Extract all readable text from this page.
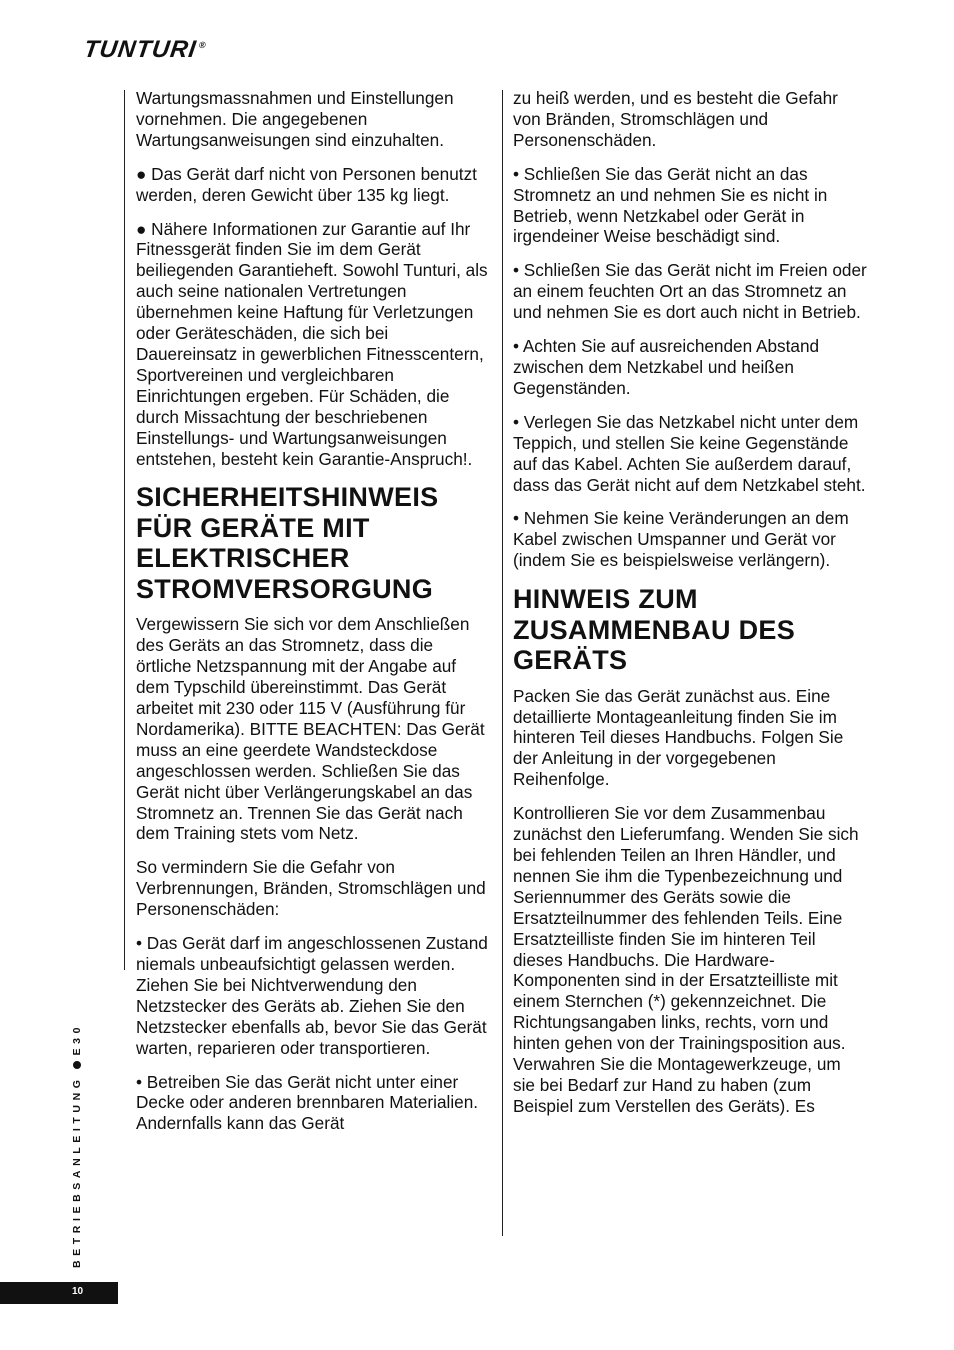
TUNTURI®

Wartungsmassnahmen und Einstellungen vornehmen. Die angegebenen Wartungsanweisungen sind einzuhalten.

● Das Gerät darf nicht von Personen benutzt werden, deren Gewicht über 135 kg liegt.

● Nähere Informationen zur Garantie auf Ihr Fitnessgerät finden Sie im dem Gerät beiliegenden Garantieheft. Sowohl Tunturi, als auch seine nationalen Vertretungen übernehmen keine Haftung für Verletzungen oder Geräteschäden, die sich bei Dauereinsatz in gewerblichen Fitnesscentern, Sportvereinen und vergleichbaren Einrichtungen ergeben. Für Schäden, die durch Missachtung der beschriebenen Einstellungs- und Wartungsanweisungen entstehen, besteht kein Garantie-Anspruch!.

SICHERHEITSHINWEIS FÜR GERÄTE MIT ELEKTRISCHER STROMVERSORGUNG

Vergewissern Sie sich vor dem Anschließen des Geräts an das Stromnetz, dass die örtliche Netzspannung mit der Angabe auf dem Typschild übereinstimmt. Das Gerät arbeitet mit 230 oder 115 V (Ausführung für Nordamerika). BITTE BEACHTEN: Das Gerät muss an eine geerdete Wandsteckdose angeschlossen werden. Schließen Sie das Gerät nicht über Verlängerungskabel an das Stromnetz an. Trennen Sie das Gerät nach dem Training stets vom Netz.

So vermindern Sie die Gefahr von Verbrennungen, Bränden, Stromschlägen und Personenschäden:

• Das Gerät darf im angeschlossenen Zustand niemals unbeaufsichtigt gelassen werden. Ziehen Sie bei Nichtverwendung den Netzstecker des Geräts ab. Ziehen Sie den Netzstecker ebenfalls ab, bevor Sie das Gerät warten, reparieren oder transportieren.

• Betreiben Sie das Gerät nicht unter einer Decke oder anderen brennbaren Materialien. Andernfalls kann das Gerät

zu heiß werden, und es besteht die Gefahr von Bränden, Stromschlägen und Personenschäden.

• Schließen Sie das Gerät nicht an das Stromnetz an und nehmen Sie es nicht in Betrieb, wenn Netzkabel oder Gerät in irgendeiner Weise beschädigt sind.

• Schließen Sie das Gerät nicht im Freien oder an einem feuchten Ort an das Stromnetz an und nehmen Sie es dort auch nicht in Betrieb.

• Achten Sie auf ausreichenden Abstand zwischen dem Netzkabel und heißen Gegenständen.

• Verlegen Sie das Netzkabel nicht unter dem Teppich, und stellen Sie keine Gegenstände auf das Kabel. Achten Sie außerdem darauf, dass das Gerät nicht auf dem Netzkabel steht.

• Nehmen Sie keine Veränderungen an dem Kabel zwischen Umspanner und Gerät vor (indem Sie es beispielsweise verlängern).

HINWEIS ZUM ZUSAMMENBAU DES GERÄTS

Packen Sie das Gerät zunächst aus. Eine detaillierte Montageanleitung finden Sie im hinteren Teil dieses Handbuchs. Folgen Sie der Anleitung in der vorgegebenen Reihenfolge.

Kontrollieren Sie vor dem Zusammenbau zunächst den Lieferumfang. Wenden Sie sich bei fehlenden Teilen an Ihren Händler, und nennen Sie ihm die Typenbezeichnung und Seriennummer des Geräts sowie die Ersatzteilnummer des fehlenden Teils. Eine Ersatzteilliste finden Sie im hinteren Teil dieses Handbuchs. Die Hardware-Komponenten sind in der Ersatzteilliste mit einem Sternchen (*) gekennzeichnet. Die Richtungsangaben links, rechts, vorn und hinten gehen von der Trainingsposition aus. Verwahren Sie die Montagewerkzeuge, um sie bei Bedarf zur Hand zu haben (zum Beispiel zum Verstellen des Geräts). Es

BETRIEBSANLEITUNGE30
10
